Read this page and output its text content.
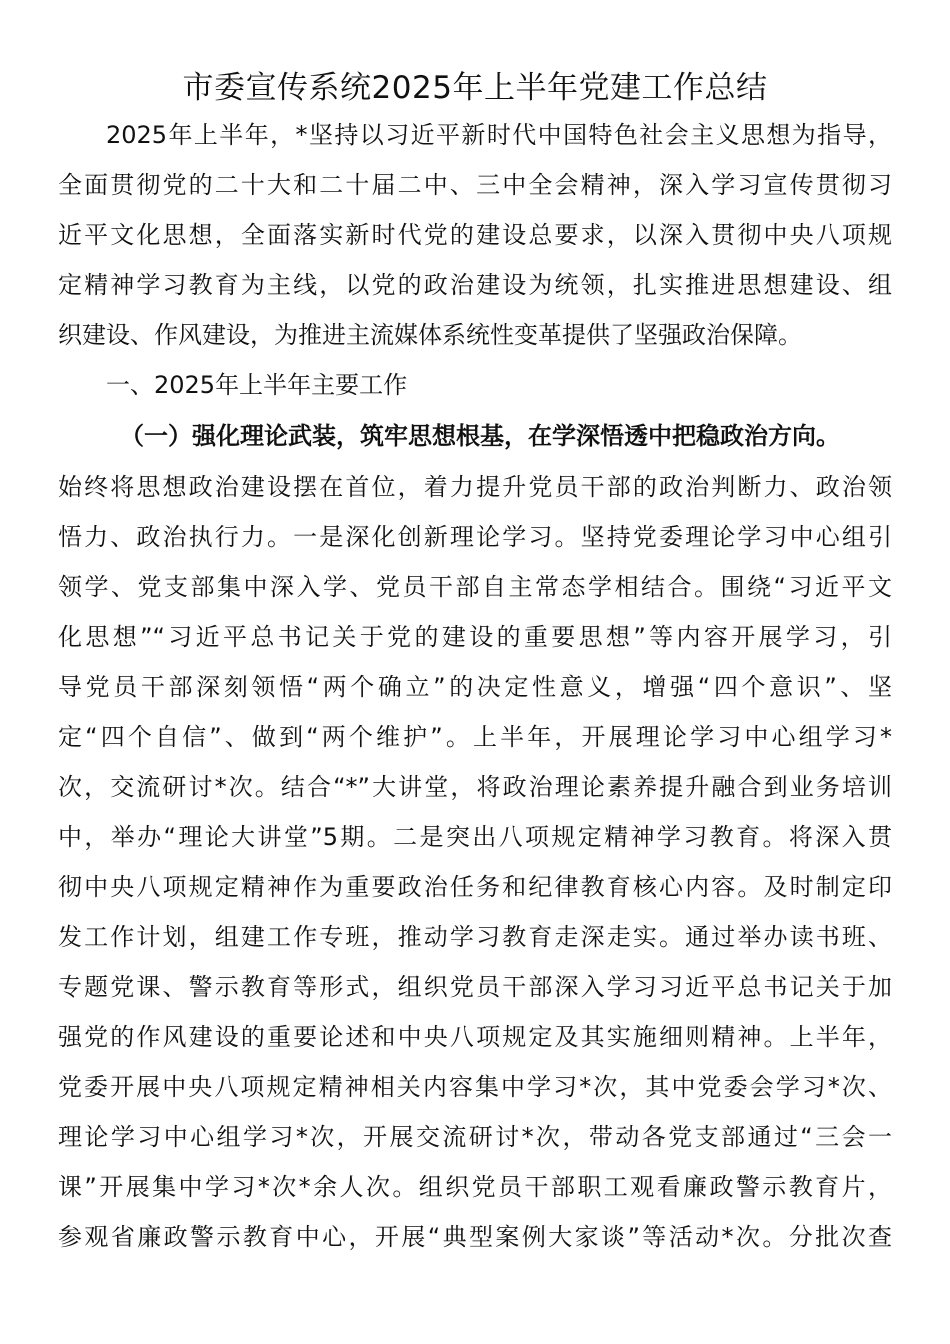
市委宣传系统2025年上半年党建工作总结
2025年上半年，*坚持以习近平新时代中国特色社会主义思想为指导，
全面贯彻党的二十大和二十届二中、三中全会精神，深入学习宣传贯彻习
近平文化思想，全面落实新时代党的建设总要求，以深入贯彻中央八项规
定精神学习教育为主线，以党的政治建设为统领，扎实推进思想建设、组
织建设、作风建设，为推进主流媒体系统性变革提供了坚强政治保障。
一、2025年上半年主要工作
（一）强化理论武装，筑牢思想根基，在学深悟透中把稳政治方向。
始终将思想政治建设摆在首位，着力提升党员干部的政治判断力、政治领
悟力、政治执行力。一是深化创新理论学习。坚持党委理论学习中心组引
领学、党支部集中深入学、党员干部自主常态学相结合。围绕“习近平文
化思想”“习近平总书记关于党的建设的重要思想”等内容开展学习，引
导党员干部深刻领悟“两个确立”的决定性意义，增强“四个意识”、坚
定“四个自信”、做到“两个维护”。上半年，开展理论学习中心组学习*
次，交流研讨*次。结合“*”大讲堂，将政治理论素养提升融合到业务培训
中，举办“理论大讲堂”5期。二是突出八项规定精神学习教育。将深入贯
彻中央八项规定精神作为重要政治任务和纪律教育核心内容。及时制定印
发工作计划，组建工作专班，推动学习教育走深走实。通过举办读书班、
专题党课、警示教育等形式，组织党员干部深入学习习近平总书记关于加
强党的作风建设的重要论述和中央八项规定及其实施细则精神。上半年，
党委开展中央八项规定精神相关内容集中学习*次，其中党委会学习*次、
理论学习中心组学习*次，开展交流研讨*次，带动各党支部通过“三会一
课”开展集中学习*次*余人次。组织党员干部职工观看廉政警示教育片，
参观省廉政警示教育中心，开展“典型案例大家谈”等活动*次。分批次查
